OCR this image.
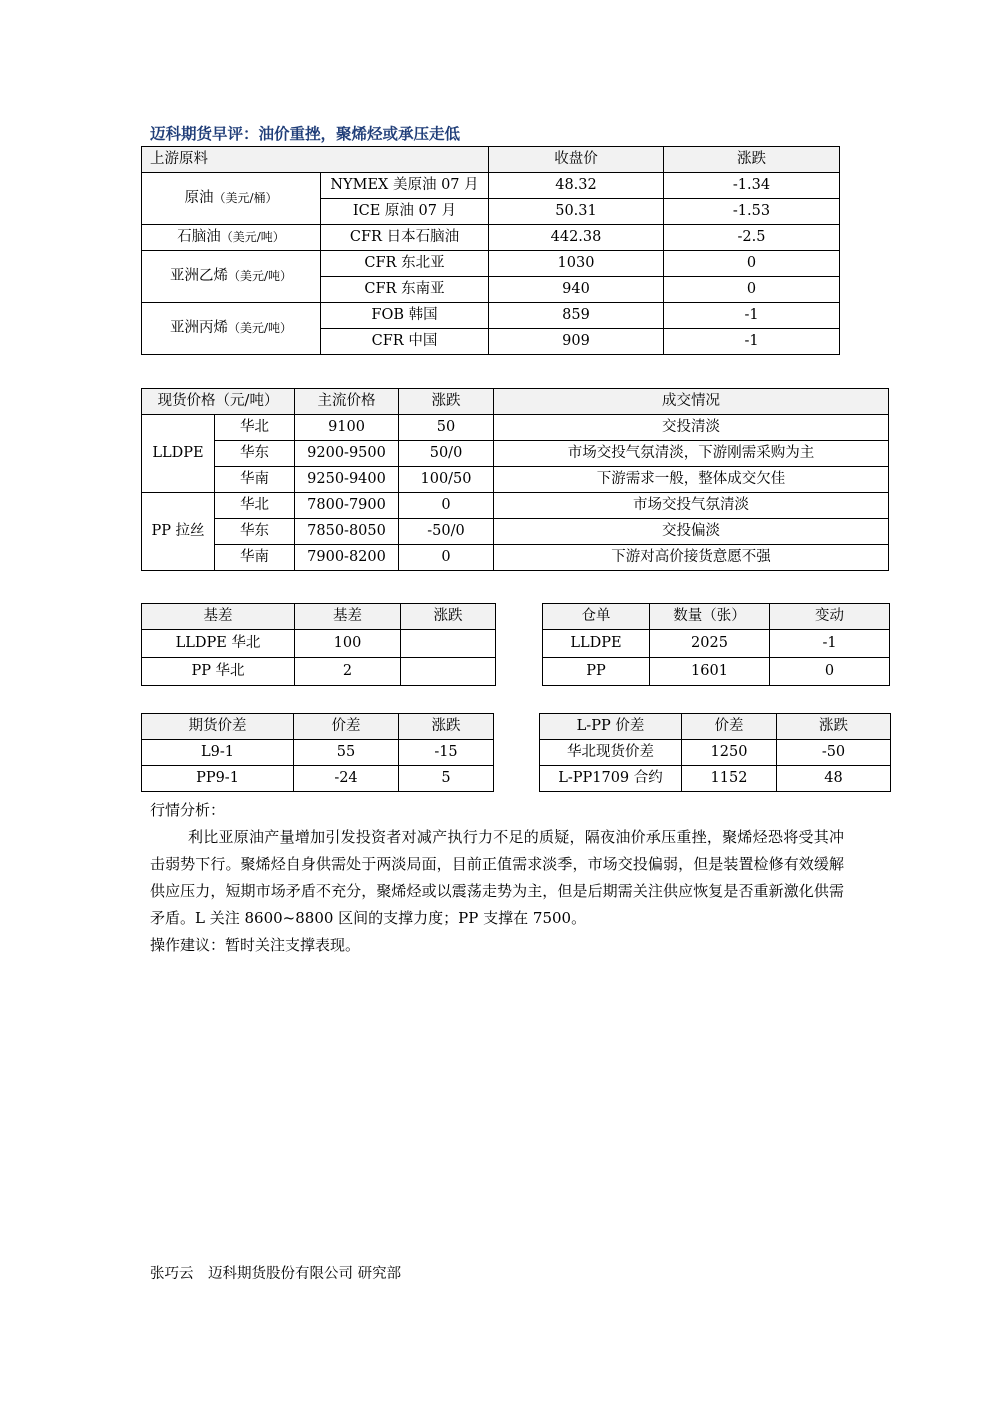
迈科期货早评：油价重挫，聚烯烃或承压走低
上游原料		收盘价	涨跌
原油（美元/桶）	NYMEX 美原油 07 月	48.32	-1.34
	ICE 原油 07 月	50.31	-1.53
石脑油（美元/吨）	CFR 日本石脑油	442.38	-2.5
亚洲乙烯（美元/吨）	CFR 东北亚	1030	0
	CFR 东南亚	940	0
亚洲丙烯（美元/吨）	FOB 韩国	859	-1
	CFR 中国	909	-1
现货价格（元/吨）		主流价格	涨跌	成交情况
LLDPE	华北	9100	50	交投清淡
	华东	9200-9500	50/0	市场交投气氛清淡，下游刚需采购为主
	华南	9250-9400	100/50	下游需求一般，整体成交欠佳
PP 拉丝	华北	7800-7900	0	市场交投气氛清淡
	华东	7850-8050	-50/0	交投偏淡
	华南	7900-8200	0	下游对高价接货意愿不强
基差	基差	涨跌
LLDPE 华北	100	
PP 华北	2	
仓单	数量（张）	变动
LLDPE	2025	-1
PP	1601	0
期货价差	价差	涨跌
L9-1	55	-15
PP9-1	-24	5
L-PP 价差	价差	涨跌
华北现货价差	1250	-50
L-PP1709 合约	1152	48

行情分析：

利比亚原油产量增加引发投资者对减产执行力不足的质疑，隔夜油价承压重挫，聚烯烃恐将受其冲击弱势下行。聚烯烃自身供需处于两淡局面，目前正值需求淡季，市场交投偏弱，但是装置检修有效缓解供应压力，短期市场矛盾不充分，聚烯烃或以震荡走势为主，但是后期需关注供应恢复是否重新激化供需矛盾。L 关注 8600~8800 区间的支撑力度；PP 支撑在 7500。

操作建议：暂时关注支撑表现。

张巧云　迈科期货股份有限公司 研究部
